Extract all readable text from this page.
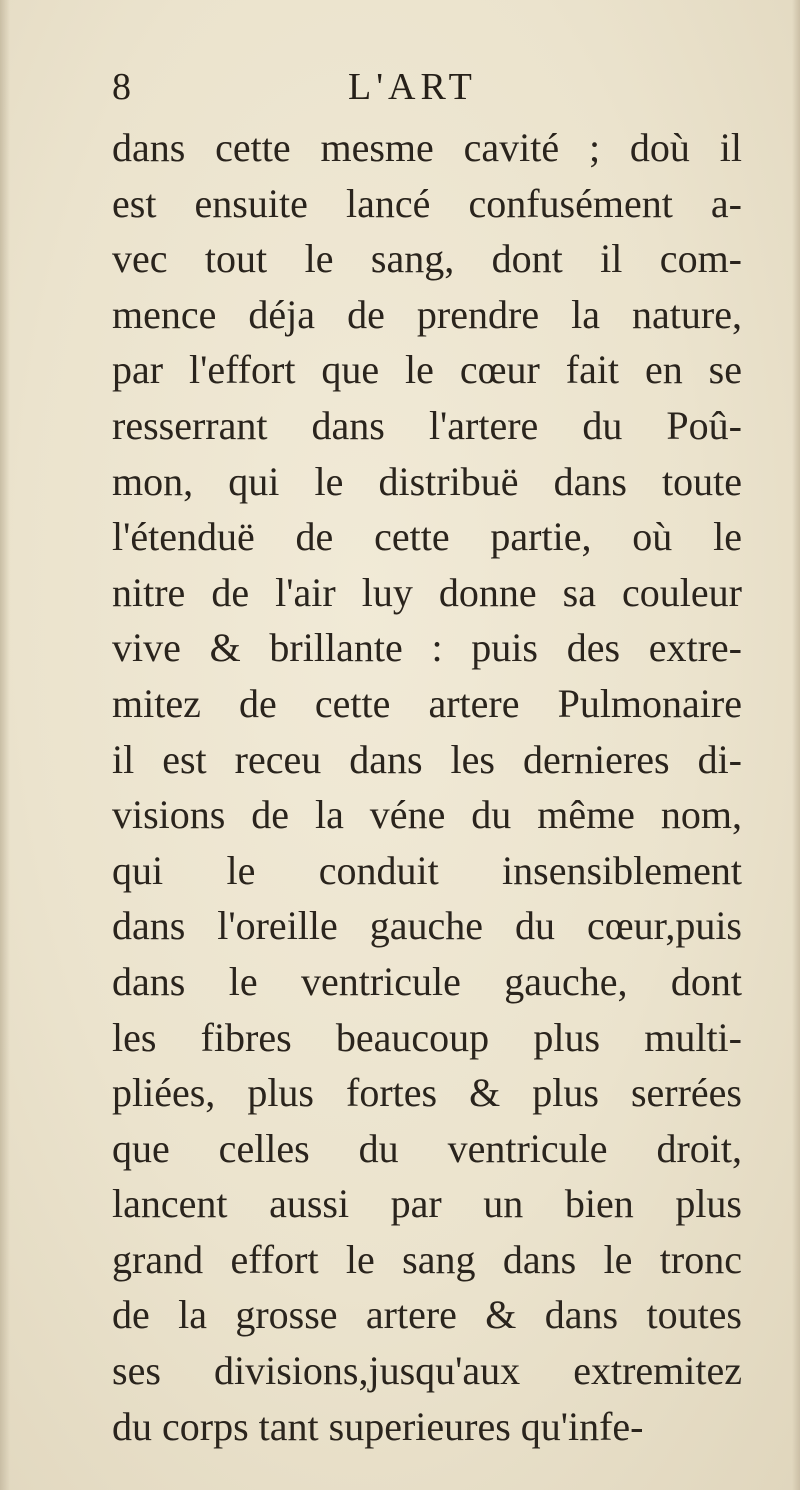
8	L'ART
dans cette mesme cavité ; doù il
est ensuite lancé confusément a-
vec tout le sang, dont il com-
mence déja de prendre la nature,
par l'effort que le cœur fait en se
resserrant dans l'artere du Poû-
mon, qui le distribuë dans toute
l'étenduë de cette partie, où le
nitre de l'air luy donne sa couleur
vive & brillante : puis des extre-
mitez de cette artere Pulmonaire
il est receu dans les dernieres di-
visions de la véne du même nom,
qui le conduit insensiblement
dans l'oreille gauche du cœur,puis
dans le ventricule gauche, dont
les fibres beaucoup plus multi-
pliées, plus fortes & plus serrées
que celles du ventricule droit,
lancent aussi par un bien plus
grand effort le sang dans le tronc
de la grosse artere & dans toutes
ses divisions,jusqu'aux extremitez
du corps tant superieures qu'infe-
